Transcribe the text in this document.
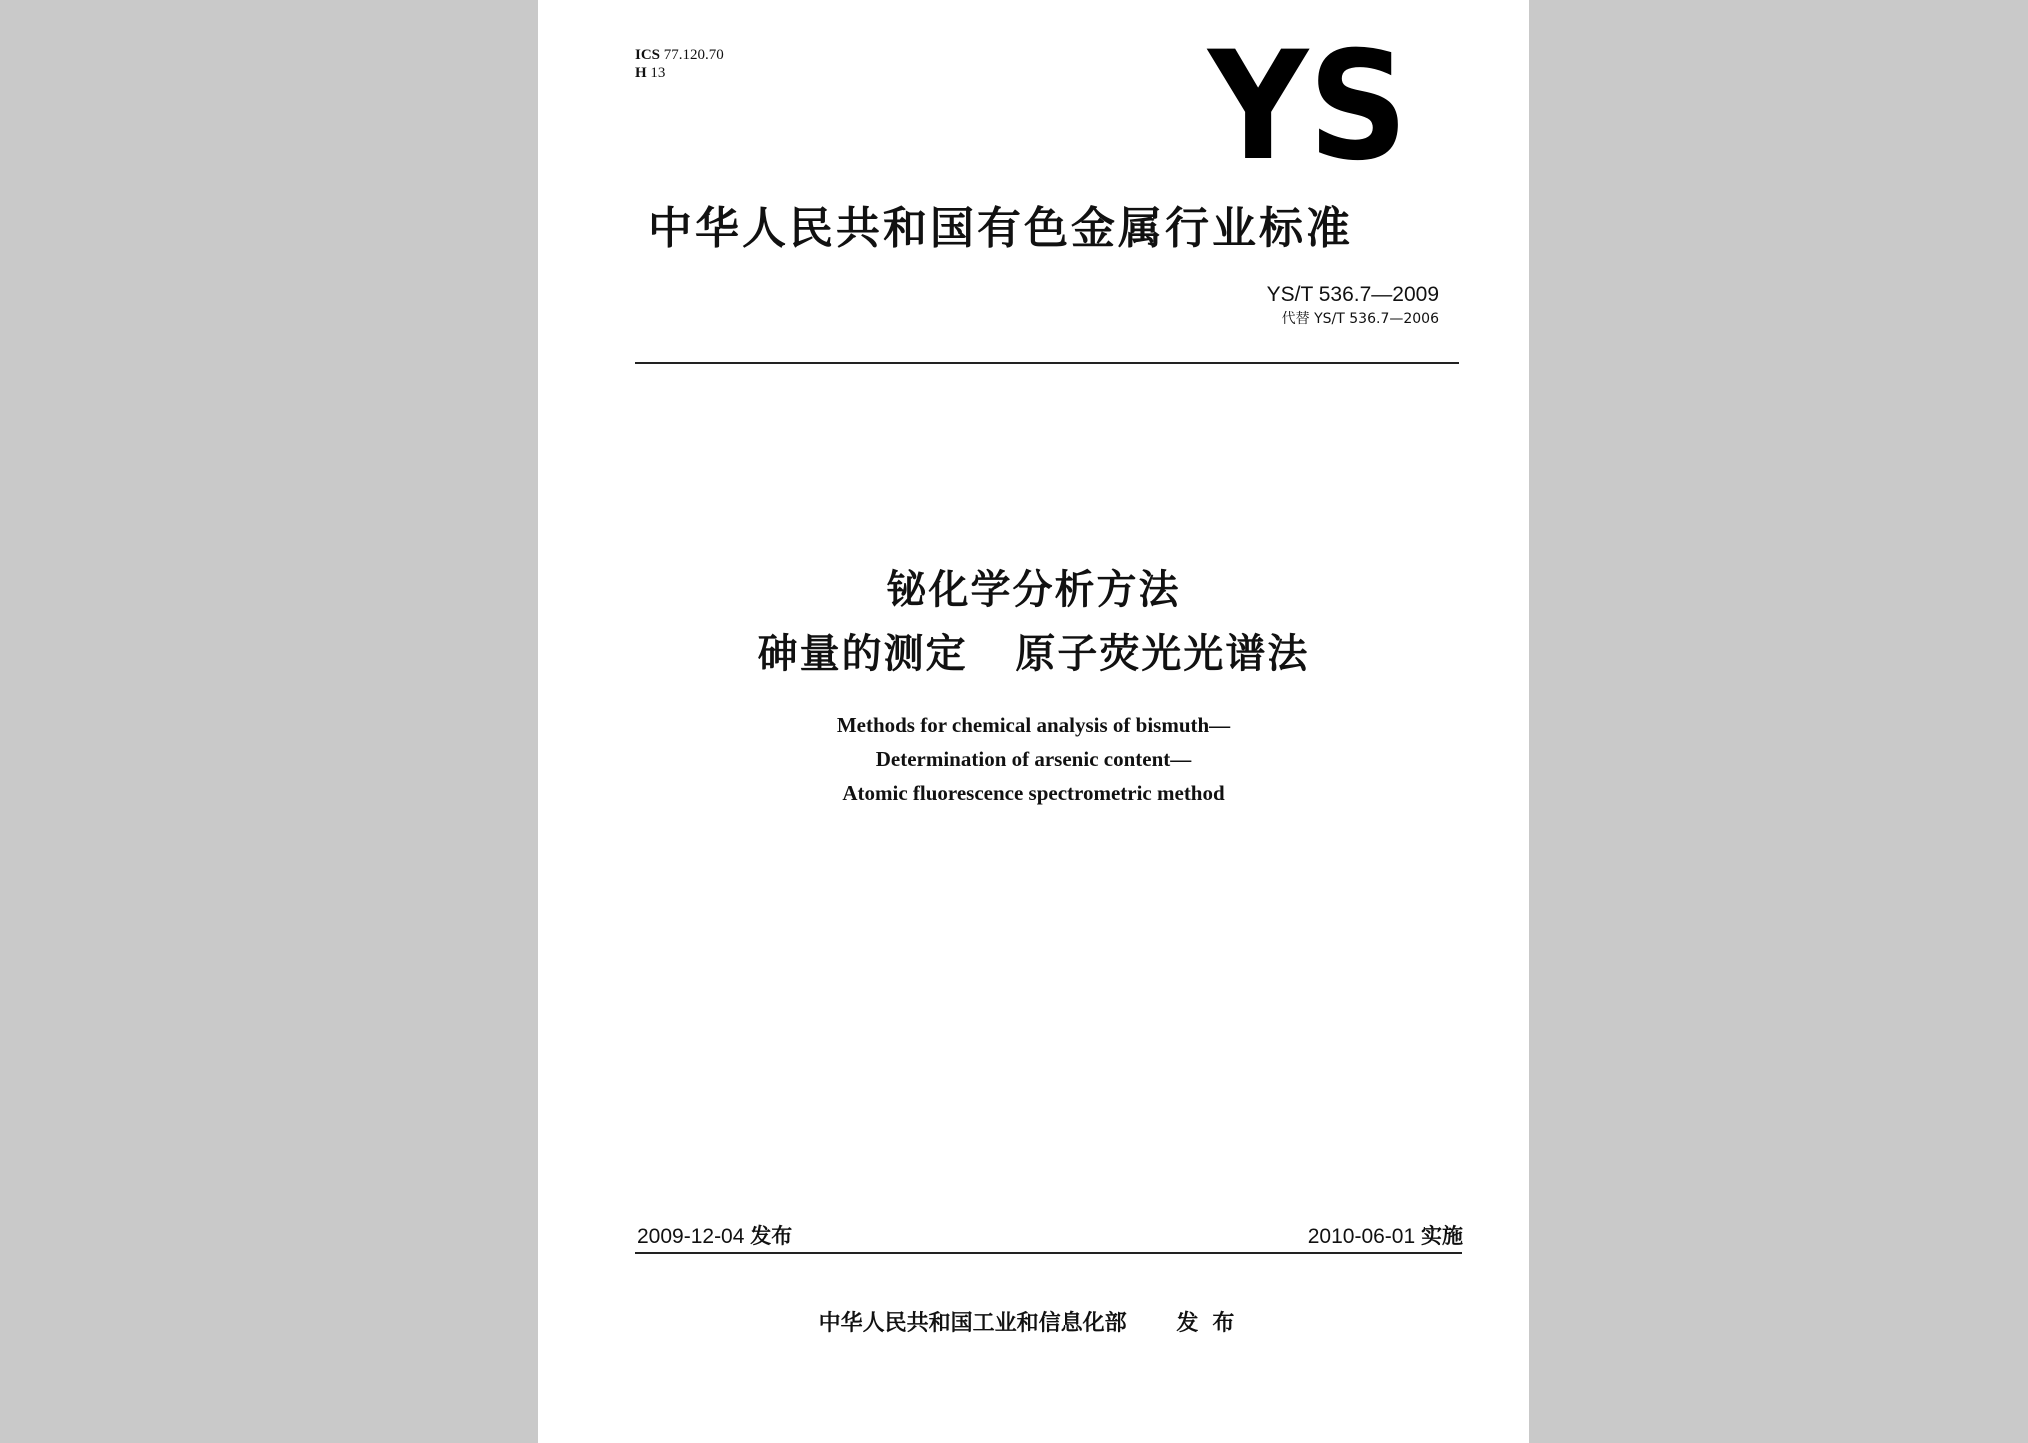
ICS 77.120.70
H 13	YS
中华人民共和国有色金属行业标准
YS/T 536.7—2009
代替 YS/T 536.7—2006
铋化学分析方法
砷量的测定   原子荧光光谱法
Methods for chemical analysis of bismuth—
Determination of arsenic content—
Atomic fluorescence spectrometric method
2009-12-04 发布	2010-06-01 实施
中华人民共和国工业和信息化部 发布
